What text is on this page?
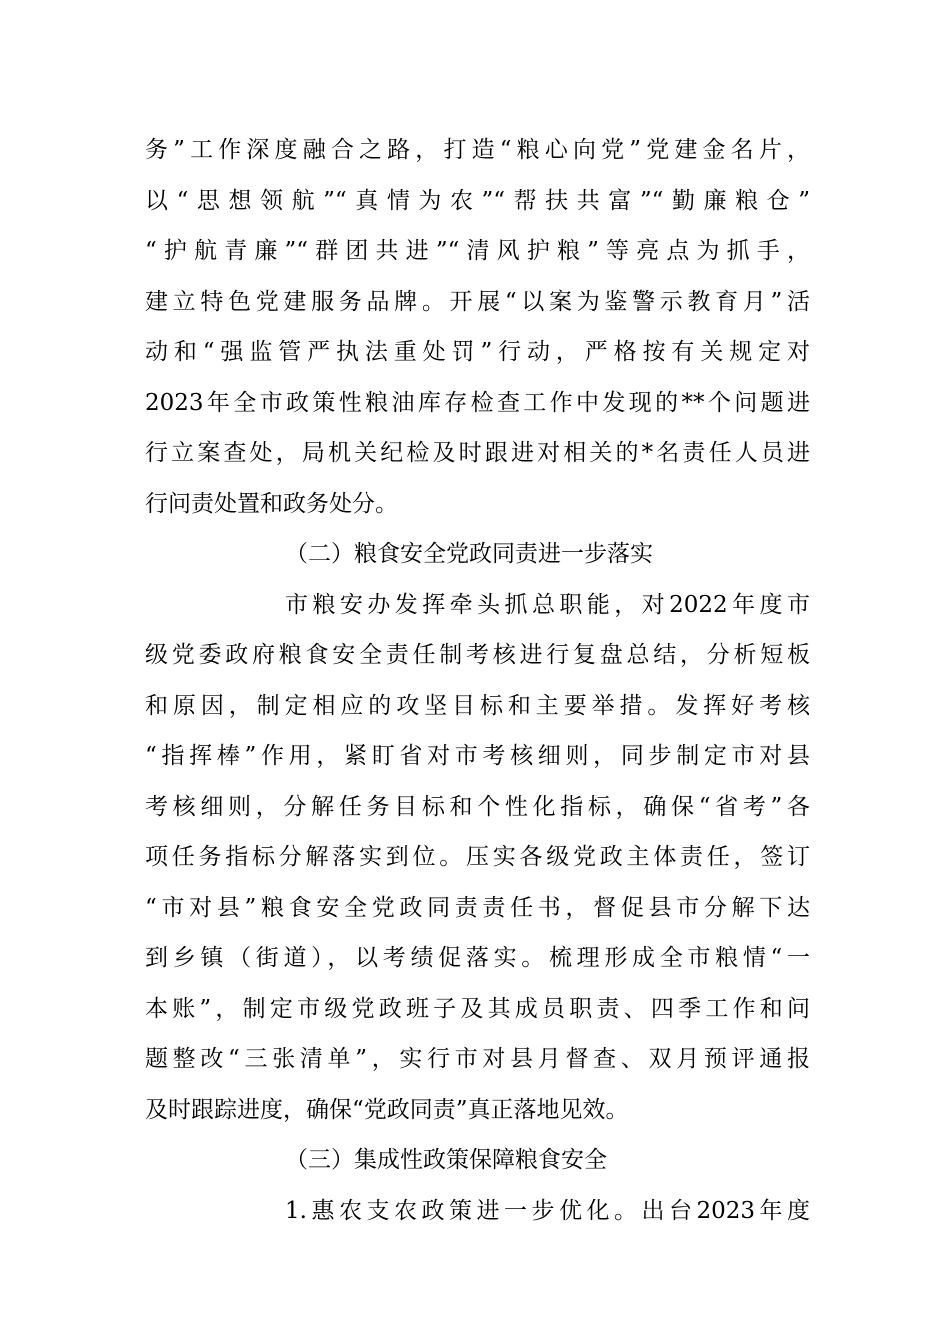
务”工作深度融合之路，打造“粮心向党”党建金名片，
以“思想领航”“真情为农”“帮扶共富”“勤廉粮仓”
“护航青廉”“群团共进”“清风护粮”等亮点为抓手，
建立特色党建服务品牌。开展“以案为鉴警示教育月”活
动和“强监管严执法重处罚”行动，严格按有关规定对
2023年全市政策性粮油库存检查工作中发现的**个问题进
行立案查处，局机关纪检及时跟进对相关的*名责任人员进
行问责处置和政务处分。
（二）粮食安全党政同责进一步落实
市粮安办发挥牵头抓总职能，对2022年度市
级党委政府粮食安全责任制考核进行复盘总结，分析短板
和原因，制定相应的攻坚目标和主要举措。发挥好考核
“指挥棒”作用，紧盯省对市考核细则，同步制定市对县
考核细则，分解任务目标和个性化指标，确保“省考”各
项任务指标分解落实到位。压实各级党政主体责任，签订
“市对县”粮食安全党政同责责任书，督促县市分解下达
到乡镇（街道），以考绩促落实。梳理形成全市粮情“一
本账”，制定市级党政班子及其成员职责、四季工作和问
题整改“三张清单”，实行市对县月督查、双月预评通报
及时跟踪进度，确保“党政同责”真正落地见效。
（三）集成性政策保障粮食安全
1.惠农支农政策进一步优化。出台2023年度
